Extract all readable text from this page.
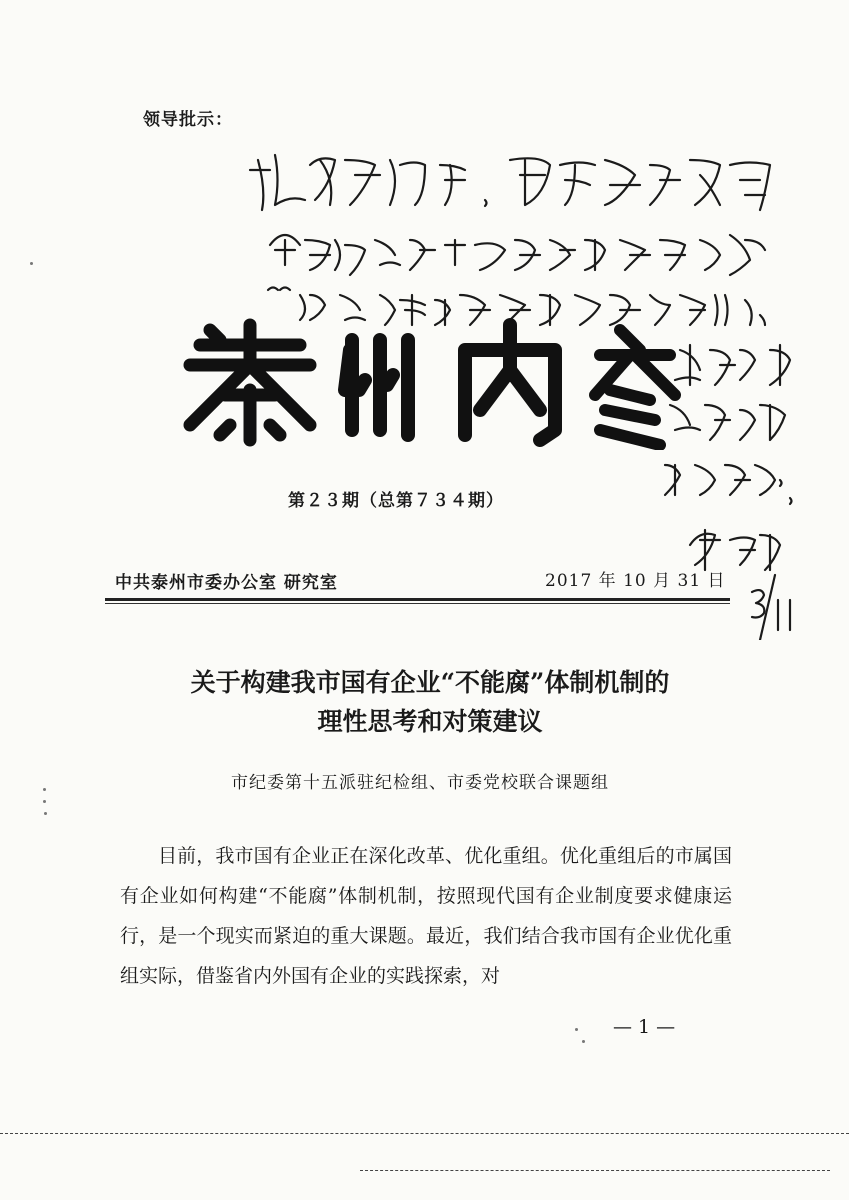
领导批示：
第２３期（总第７３４期）
中共泰州市委办公室 研究室	2017 年 10 月 31 日
关于构建我市国有企业“不能腐”体制机制的
理性思考和对策建议
市纪委第十五派驻纪检组、市委党校联合课题组

目前，我市国有企业正在深化改革、优化重组。优化重组后的市属国有企业如何构建“不能腐”体制机制，按照现代国有企业制度要求健康运行，是一个现实而紧迫的重大课题。最近，我们结合我市国有企业优化重组实际，借鉴省内外国有企业的实践探索，对

— 1 —
